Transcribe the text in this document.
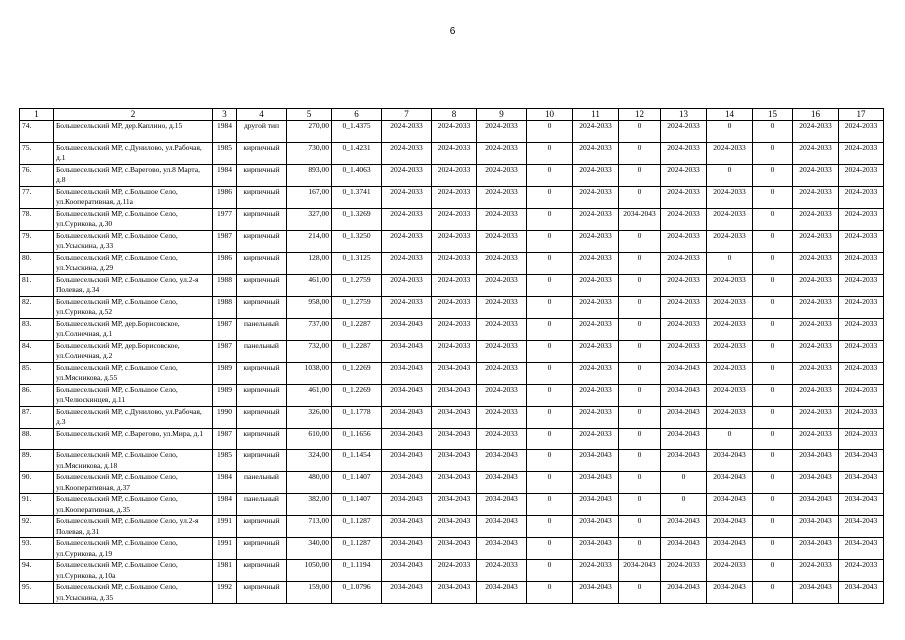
6
1	2	3	4	5	6	7	8	9	10	11	12	13	14	15	16	17
74.	Большесельский МР, дер.Каплино, д.15	1984	другой тип	270,00	0_1.4375	2024-2033	2024-2033	2024-2033	0	2024-2033	0	2024-2033	0	0	2024-2033	2024-2033
75.	Большесельский МР, с.Дунилово, ул.Рабочая, д.1	1985	кирпичный	730,00	0_1.4231	2024-2033	2024-2033	2024-2033	0	2024-2033	0	2024-2033	2024-2033	0	2024-2033	2024-2033
76.	Большесельский МР, с.Варегово, ул.8 Марта, д.8	1984	кирпичный	893,00	0_1.4063	2024-2033	2024-2033	2024-2033	0	2024-2033	0	2024-2033	0	0	2024-2033	2024-2033
77.	Большесельский МР, с.Большое Село, ул.Кооперативная, д.11а	1986	кирпичный	167,00	0_1.3741	2024-2033	2024-2033	2024-2033	0	2024-2033	0	2024-2033	2024-2033	0	2024-2033	2024-2033
78.	Большесельский МР, с.Большое Село, ул.Сурикова, д.30	1977	кирпичный	327,00	0_1.3269	2024-2033	2024-2033	2024-2033	0	2024-2033	2034-2043	2024-2033	2024-2033	0	2024-2033	2024-2033
79.	Большесельский МР, с.Большое Село, ул.Усыскина, д.33	1987	кирпичный	214,00	0_1.3250	2024-2033	2024-2033	2024-2033	0	2024-2033	0	2024-2033	2024-2033	0	2024-2033	2024-2033
80.	Большесельский МР, с.Большое Село, ул.Усыскина, д.29	1986	кирпичный	128,00	0_1.3125	2024-2033	2024-2033	2024-2033	0	2024-2033	0	2024-2033	0	0	2024-2033	2024-2033
81.	Большесельский МР, с.Большое Село, ул.2-я Полевая, д.34	1988	кирпичный	461,00	0_1.2759	2024-2033	2024-2033	2024-2033	0	2024-2033	0	2024-2033	2024-2033	0	2024-2033	2024-2033
82.	Большесельский МР, с.Большое Село, ул.Сурикова, д.52	1988	кирпичный	958,00	0_1.2759	2024-2033	2024-2033	2024-2033	0	2024-2033	0	2024-2033	2024-2033	0	2024-2033	2024-2033
83.	Большесельский МР, дер.Борисовское, ул.Солнечная, д.1	1987	панельный	737,00	0_1.2287	2034-2043	2024-2033	2024-2033	0	2024-2033	0	2024-2033	2024-2033	0	2024-2033	2024-2033
84.	Большесельский МР, дер.Борисовское, ул.Солнечная, д.2	1987	панельный	732,00	0_1.2287	2034-2043	2024-2033	2024-2033	0	2024-2033	0	2024-2033	2024-2033	0	2024-2033	2024-2033
85.	Большесельский МР, с.Большое Село, ул.Мясникова, д.55	1989	кирпичный	1038,00	0_1.2269	2034-2043	2034-2043	2024-2033	0	2024-2033	0	2034-2043	2024-2033	0	2024-2033	2024-2033
86.	Большесельский МР, с.Большое Село, ул.Челюскинцев, д.11	1989	кирпичный	461,00	0_1.2269	2034-2043	2034-2043	2024-2033	0	2024-2033	0	2034-2043	2024-2033	0	2024-2033	2024-2033
87.	Большесельский МР, с.Дунилово, ул.Рабочая, д.3	1990	кирпичный	326,00	0_1.1778	2034-2043	2034-2043	2024-2033	0	2024-2033	0	2034-2043	2024-2033	0	2024-2033	2024-2033
88.	Большесельский МР, с.Варегово, ул.Мира, д.1	1987	кирпичный	610,00	0_1.1656	2034-2043	2034-2043	2024-2033	0	2024-2033	0	2034-2043	0	0	2024-2033	2024-2033
89.	Большесельский МР, с.Большое Село, ул.Мясникова, д.18	1985	кирпичный	324,00	0_1.1454	2034-2043	2034-2043	2034-2043	0	2034-2043	0	2034-2043	2034-2043	0	2034-2043	2034-2043
90.	Большесельский МР, с.Большое Село, ул.Кооперативная, д.37	1984	панельный	480,00	0_1.1407	2034-2043	2034-2043	2034-2043	0	2034-2043	0	0	2034-2043	0	2034-2043	2034-2043
91.	Большесельский МР, с.Большое Село, ул.Кооперативная, д.35	1984	панельный	382,00	0_1.1407	2034-2043	2034-2043	2034-2043	0	2034-2043	0	0	2034-2043	0	2034-2043	2034-2043
92.	Большесельский МР, с.Большое Село, ул.2-я Полевая, д.31	1991	кирпичный	713,00	0_1.1287	2034-2043	2034-2043	2034-2043	0	2034-2043	0	2034-2043	2034-2043	0	2034-2043	2034-2043
93.	Большесельский МР, с.Большое Село, ул.Сурикова, д.19	1991	кирпичный	340,00	0_1.1287	2034-2043	2034-2043	2034-2043	0	2034-2043	0	2034-2043	2034-2043	0	2034-2043	2034-2043
94.	Большесельский МР, с.Большое Село, ул.Сурикова, д.10а	1981	кирпичный	1050,00	0_1.1194	2034-2043	2024-2033	2024-2033	0	2024-2033	2034-2043	2024-2033	2024-2033	0	2024-2033	2024-2033
95.	Большесельский МР, с.Большое Село, ул.Усыскина, д.35	1992	кирпичный	159,00	0_1.0796	2034-2043	2034-2043	2034-2043	0	2034-2043	0	2034-2043	2034-2043	0	2034-2043	2034-2043
